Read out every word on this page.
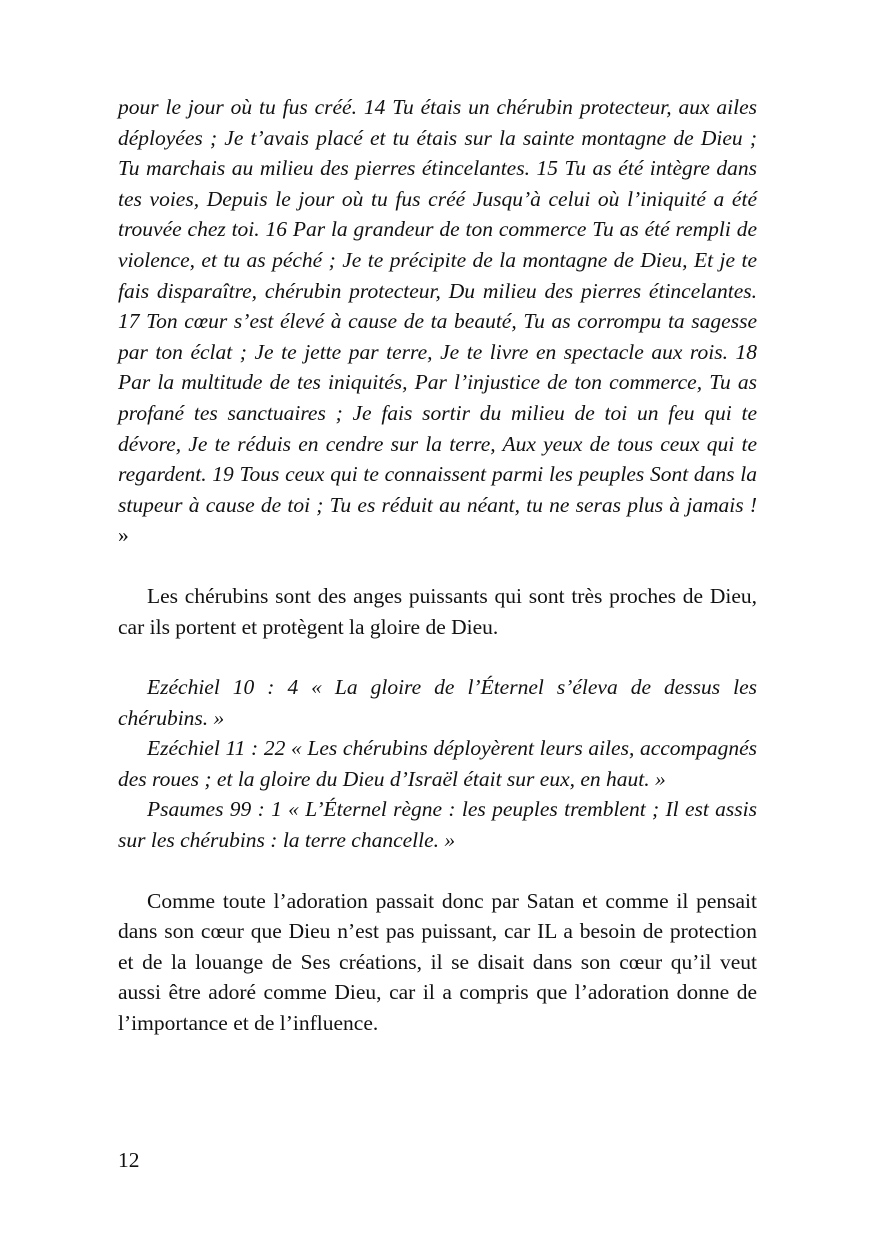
pour le jour où tu fus créé. 14 Tu étais un chérubin protecteur, aux ailes déployées ; Je t’avais placé et tu étais sur la sainte montagne de Dieu ; Tu marchais au milieu des pierres étincelantes. 15 Tu as été intègre dans tes voies, Depuis le jour où tu fus créé Jusqu’à celui où l’iniquité a été trouvée chez toi. 16 Par la grandeur de ton commerce Tu as été rempli de violence, et tu as péché ; Je te précipite de la montagne de Dieu, Et je te fais disparaître, chérubin protecteur, Du milieu des pierres étincelantes. 17 Ton cœur s’est élevé à cause de ta beauté, Tu as corrompu ta sagesse par ton éclat ; Je te jette par terre, Je te livre en spectacle aux rois. 18 Par la multitude de tes iniquités, Par l’injustice de ton commerce, Tu as profané tes sanctuaires ; Je fais sortir du milieu de toi un feu qui te dévore, Je te réduis en cendre sur la terre, Aux yeux de tous ceux qui te regardent. 19 Tous ceux qui te connaissent parmi les peuples Sont dans la stupeur à cause de toi ; Tu es réduit au néant, tu ne seras plus à jamais ! »

Les chérubins sont des anges puissants qui sont très proches de Dieu, car ils portent et protègent la gloire de Dieu.

Ezéchiel 10 : 4 « La gloire de l’Éternel s’éleva de dessus les chérubins. »

Ezéchiel 11 : 22 « Les chérubins déployèrent leurs ailes, accompagnés des roues ; et la gloire du Dieu d’Israël était sur eux, en haut. »

Psaumes 99 : 1 « L’Éternel règne : les peuples tremblent ; Il est assis sur les chérubins : la terre chancelle. »

Comme toute l’adoration passait donc par Satan et comme il pensait dans son cœur que Dieu n’est pas puissant, car IL a besoin de protection et de la louange de Ses créations, il se disait dans son cœur qu’il veut aussi être adoré comme Dieu, car il a compris que l’adoration donne de l’importance et de l’influence.

12
